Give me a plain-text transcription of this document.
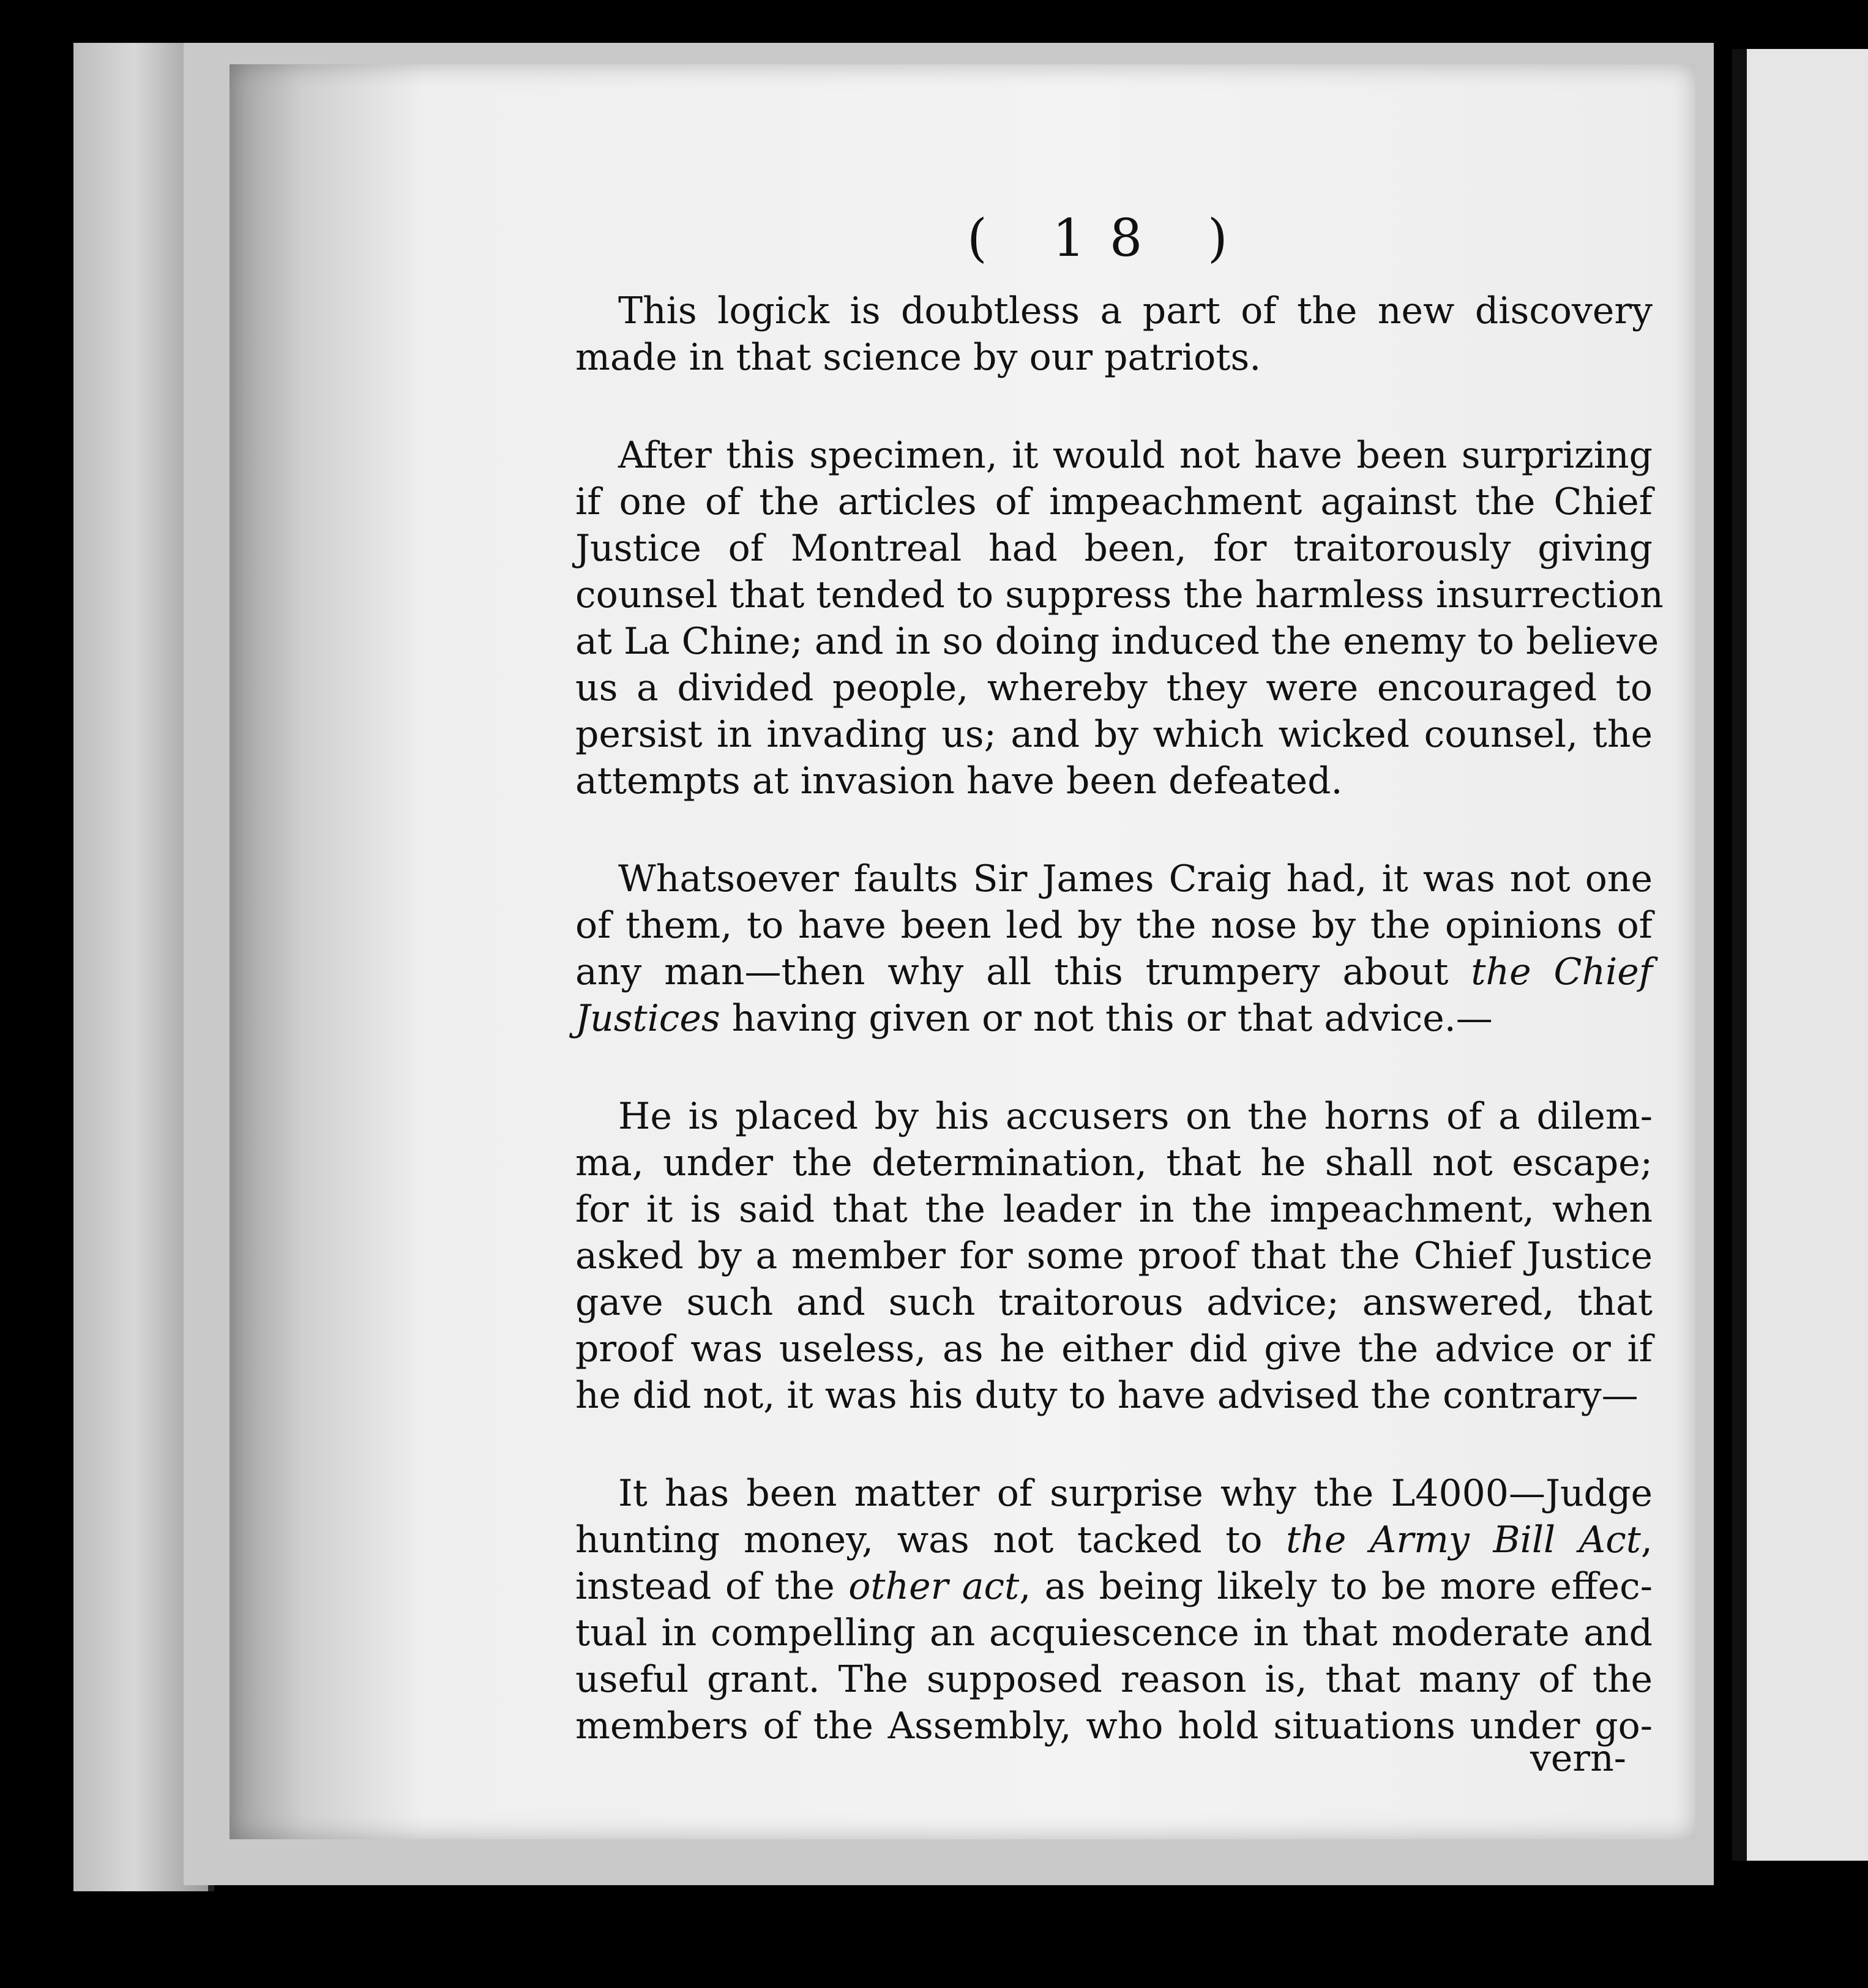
( 18 )

This logick is doubtless a part of the new discovery
made in that science by our patriots.

After this specimen, it would not have been surprizing
if one of the articles of impeachment against the Chief
Justice of Montreal had been, for traitorously giving
counsel that tended to suppress the harmless insurrection
at La Chine; and in so doing induced the enemy to believe
us a divided people, whereby they were encouraged to
persist in invading us; and by which wicked counsel, the
attempts at invasion have been defeated.

Whatsoever faults Sir James Craig had, it was not one
of them, to have been led by the nose by the opinions of
any man—then why all this trumpery about the Chief
Justices having given or not this or that advice.—

He is placed by his accusers on the horns of a dilem-
ma, under the determination, that he shall not escape;
for it is said that the leader in the impeachment, when
asked by a member for some proof that the Chief Justice
gave such and such traitorous advice; answered, that
proof was useless, as he either did give the advice or if
he did not, it was his duty to have advised the contrary—

It has been matter of surprise why the L4000—Judge
hunting money, was not tacked to the Army Bill Act,
instead of the other act, as being likely to be more effec-
tual in compelling an acquiescence in that moderate and
useful grant. The supposed reason is, that many of the
members of the Assembly, who hold situations under go-

vern-
